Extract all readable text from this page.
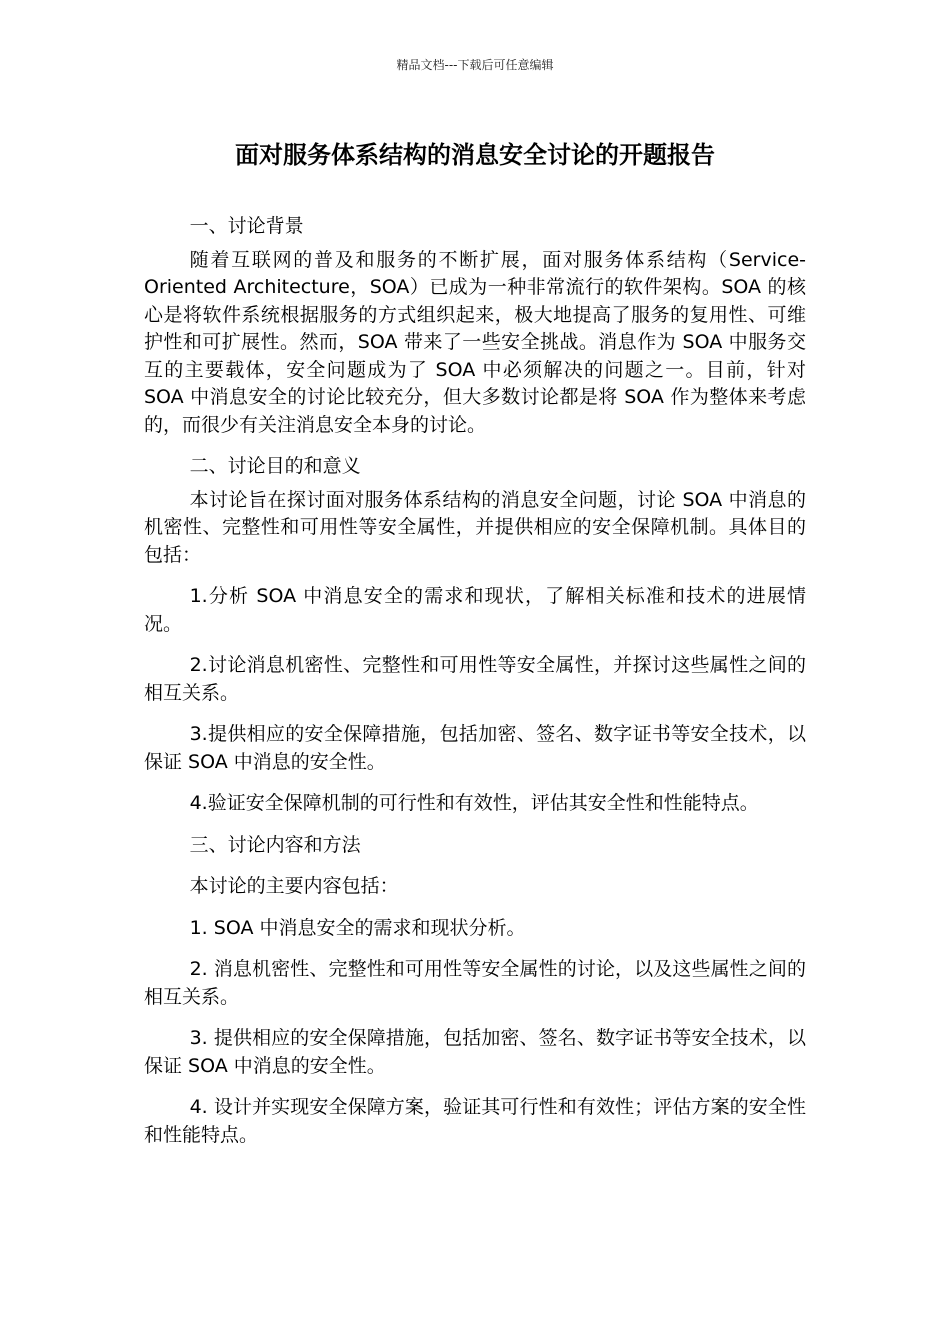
精品文档---下载后可任意编辑
面对服务体系结构的消息安全讨论的开题报告

一、讨论背景

随着互联网的普及和服务的不断扩展，面对服务体系结构（Service-Oriented Architecture，SOA）已成为一种非常流行的软件架构。SOA 的核心是将软件系统根据服务的方式组织起来，极大地提高了服务的复用性、可维护性和可扩展性。然而，SOA 带来了一些安全挑战。消息作为 SOA 中服务交互的主要载体，安全问题成为了 SOA 中必须解决的问题之一。目前，针对 SOA 中消息安全的讨论比较充分，但大多数讨论都是将 SOA 作为整体来考虑的，而很少有关注消息安全本身的讨论。

二、讨论目的和意义

本讨论旨在探讨面对服务体系结构的消息安全问题，讨论 SOA 中消息的机密性、完整性和可用性等安全属性，并提供相应的安全保障机制。具体目的包括：

1.分析 SOA 中消息安全的需求和现状，了解相关标准和技术的进展情况。

2.讨论消息机密性、完整性和可用性等安全属性，并探讨这些属性之间的相互关系。

3.提供相应的安全保障措施，包括加密、签名、数字证书等安全技术，以保证 SOA 中消息的安全性。

4.验证安全保障机制的可行性和有效性，评估其安全性和性能特点。

三、讨论内容和方法

本讨论的主要内容包括：

1. SOA 中消息安全的需求和现状分析。

2. 消息机密性、完整性和可用性等安全属性的讨论，以及这些属性之间的相互关系。

3. 提供相应的安全保障措施，包括加密、签名、数字证书等安全技术，以保证 SOA 中消息的安全性。

4. 设计并实现安全保障方案，验证其可行性和有效性；评估方案的安全性和性能特点。
